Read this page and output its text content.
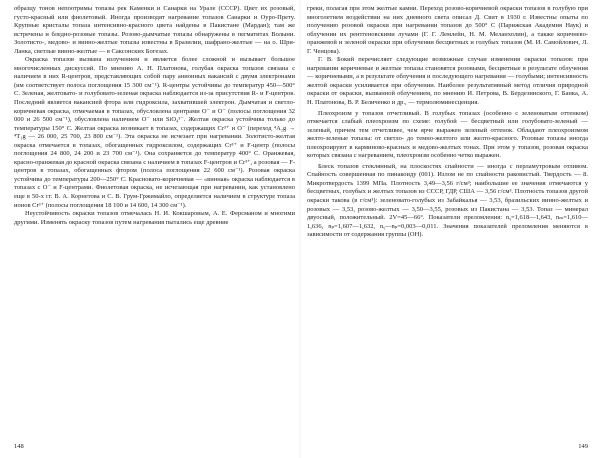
образцу тонов непоотримы топазы рек Каменки и Санарки на Урале (СССР). Цвет их розовый, густо-красный или фиолетовый. Иногда производят нагревание топазов Санарки и Оуро-Прету. Крупные кристалы топаза интенсивно-красного цвета найдены в Пакистане (Мардан); там же встречены и бледно-розовые топазы. Розово-дымчатые топазы обнаружены в пегматитах Волыни. Золотисто-, медово- и винно-желтые топазы известны в Бразилии, шафрано-желтые — на о. Шри-Ланка, светлые винно-желтые — в Саксонских Богезах.

Окраска топазов вызвана излучением и является более сложной и вызывает большое многочисленных дискуссий. По мнению А. Н. Платонова, голубая окраска топазов связана с наличием в них R-центров, представляющих собой пару анионных вакансий с двумя электронами (им соответствует полоса поглощения 15 300 см⁻¹). R-центры устойчивы до температур 450—500° С. Зеленая, желтовато- и голубовато-зеленая окраска наблюдается из-за присутствия R- и F-центров. Последний является вакансией фтора или гидроксила, захватившей электрон. Дымчатая и светло-коричневая окраска, отмечаемая в топазах, обусловлена центрами O⁻ и O⁻ (полосы поглощения 32 000 и 26 500 см⁻¹), обусловлена наличием O⁻ или SiO₄³⁻. Желтая окраска устойчива только до температуры 150° С. Желтая окраска возникает в топазах, содержащих Cr³⁺ и O⁻ (переход ⁴A₂g → ⁴T₁g — 26 000, 25 700, 23 800 см⁻¹). Эта окраска не исчезает при нагревании. Золотисто-желтая окраска отмечается в топазах, обогащенных гидроксилом, содержащих Cr³⁺ и F-центр (полосы поглощения 24 800, 24 200 и 23 700 см⁻¹). Она сохраняется до температур 400° С. Оранжевая, красно-оранжевая до красной окраска связана с наличием в топазах F-центров и Cr³⁺, а розовая — F-центров в топазах, обогащенных фтором (полоса поглощения 22 600 см⁻¹). Розовая окраска устойчива до температуры 200—250° С. Красновато-коричневая — «винная» окраска наблюдается в топазах с O⁻ и F-центрами. Фиолетовая окраска, не исчезающая при нагревании, как установлено еще в 50-х гг. В. А. Корнетова и С. В. Грум-Гржимайло, определяется наличием в структуре топаза ионов Cr³⁺ (полосы поглощения 18 100 и 14 600, 14 300 см⁻¹).

Неустойчивость окраски топазов отмечалась Н. И. Кокшаровым, А. Е. Ферсманом и многими другими. Изменять окраску топазов путем нагревания пытались еще древние

148

греки, полагая при этом желтые камни. Переход розово-коричневой окраски топазов в голубую при многолетнем воздействии на них дневного света описал Д. Свит в 1930 г. Известны опыты по получению розовой окраски при нагревании топазов до 500° С (Парижская Академия Наук) и облучении их рентгеновскими лучами (Г. Г. Лемлейн, Н. М. Меланхолин), а также коричнево-оранжевой и зеленой окраски при облучении бесцветных и голубых топазов (М. И. Самойлович, Л. Г. Ченцова).

Г. В. Бокий перечисляет следующие возможные случаи изменения окраски топазов: при нагревании коричневые и желтые топазы становятся розовыми, бесцветные в результате облучения — коричневыми, а в результате облучения и последующего нагревания — голубыми; интенсивность желтой окраски усиливается при облучении. Наиболее результативный метод отличия природной окраски от окраски, вызванной облучением, по мнению И. Петрова, В. Бердезинского, Г. Банка, А. Н. Платонова, В. Р. Беличенко и др., — термолюминесценция.

Плеохроизм у топазов отчетливый. В голубых топазах (особенно с зеленоватым оттенком) отмечается слабый плеохроизм по схеме: голубой — бесцветный или голубовато-зеленый — зеленый, причем тем отчетливее, чем ярче выражен зеленый оттенок. Обладают плеохроизмом желто-зеленые топазы: от светло- до темно-желтого или желто-красного. Розовые топазы иногда плеохроируют в карминово-красных и медово-желтых тонах. При этом у топазов, розовая окраска которых связана с нагреванием, плеохроизм особенно четко выражен.

Блеск топазов стеклянный, на плоскостях спайности — иногда с перламутровым отливом. Спайность совершенная по пинакоиду (001). Излом не по спайности раковистый. Твердость — 8. Микротвердость 1399 МПа. Плотность 3,49—3,56 г/см³; наибольшие ее значения отмечаются у бесцветных, голубых и желтых топазов из СССР, ГДР, США — 3,56 г/см³. Плотность топазов другой окраски такова (в г/см³): зеленовато-голубых из Забайкалья — 3,53, бразильских винно-желтых и розовых — 3,53, розово-желтых — 3,50—3,55, розовых из Пакистана — 3,53. Топаз — минерал двуосный, положительный. 2V=45—66°. Показатели преломления: nᵧ=1,618—1,643, nₘ=1,610—1,636, nₚ=1,607—1,632, nᵧ—nₚ=0,003—0,011. Значения показателей преломления меняются в зависимости от содержания группы (ОН).

149
